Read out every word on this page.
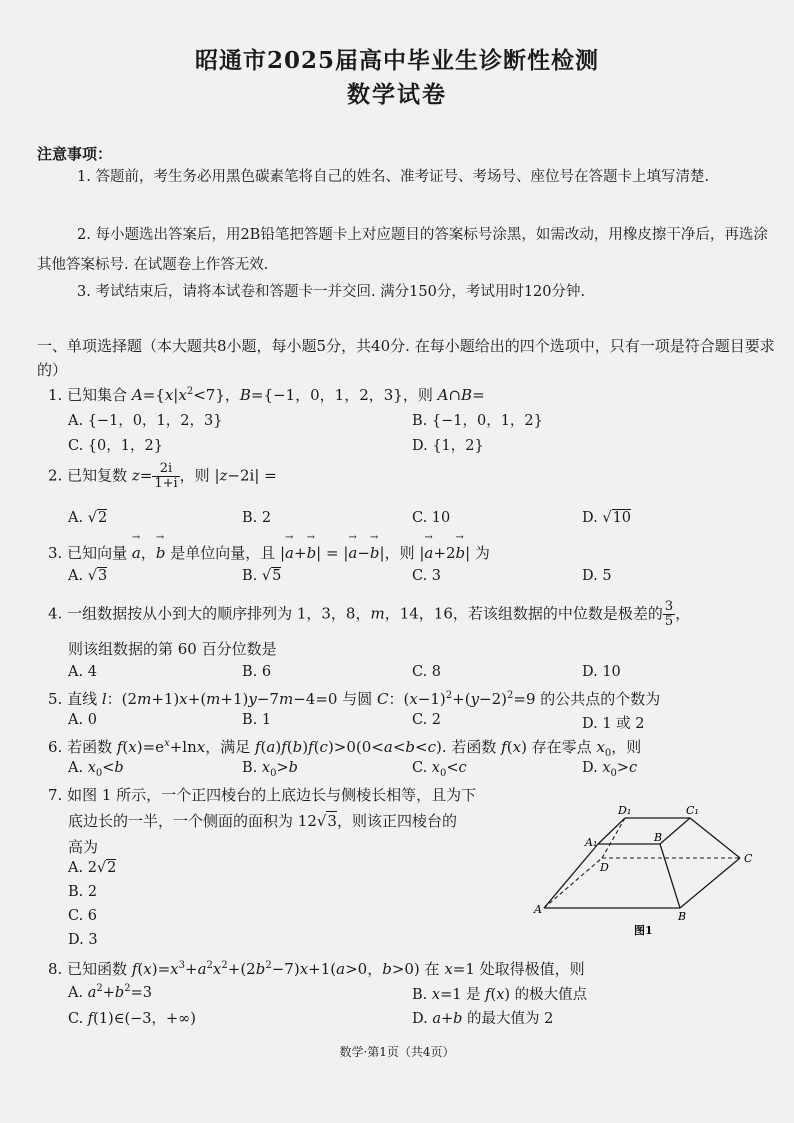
昭通市2025届高中毕业生诊断性检测
数学试卷
注意事项：
1. 答题前，考生务必用黑色碳素笔将自己的姓名、准考证号、考场号、座位号在答题卡上填写清楚.
2. 每小题选出答案后，用2B铅笔把答题卡上对应题目的答案标号涂黑，如需改动，用橡皮擦干净后，再选涂其他答案标号. 在试题卷上作答无效.
3. 考试结束后，请将本试卷和答题卡一并交回. 满分150分，考试用时120分钟.
一、单项选择题（本大题共8小题，每小题5分，共40分. 在每小题给出的四个选项中，只有一项是符合题目要求的）
1. 已知集合 $A=\{x|x^2<7\}$，B={−1，0，1，2，3}，则 A∩B=
A. {−1，0，1，2，3}	B. {−1，0，1，2}
C. {0，1，2}	D. {1，2}
2. 已知复数 $z= \frac{2i}{1+i}$ ，则 |z−2i| =
A. √2	B. 2	C. 10	D. √10
3. 已知向量 → a，→ b 是单位向量，且 |→ a+→ b| = |→ a−→ b|，则 |→ a+2→ b| 为
A. √3	B. √5	C. 3	D. 5
4. 一组数据按从小到大的顺序排列为 1，3，8，m，14，16，若该组数据的中位数是极差的 $\frac{3}{5}$ ，
则该组数据的第 60 百分位数是
A. 4	B. 6	C. 8	D. 10
5. 直线 l：(2m+1)x+(m+1)y−7m−4=0 与圆 C：$(x-1)^2+(y-2)^2=9$ 的公共点的个数为
A. 0	B. 1	C. 2	D. 1 或 2
6. 若函数 $f(x)=e^x+\ln x$，满足 f(a)f(b)f(c)>0(0<a<b<c). 若函数 f(x) 存在零点 $x_0$，则
A. $x_0<b$	B. $x_0>b$	C. $x_0<c$	D. $x_0>c$
7. 如图 1 所示，一个正四棱台的上底边长与侧棱长相等，且为下
底边长的一半，一个侧面的面积为 12√3，则该正四棱台的
高为
A. 2√2
B. 2
C. 6
D. 3
D₁	C₁
A₁	B
D
C
A
B
图1
8. 已知函数 $f(x)=x^3+a^2x^2+(2b^2-7)x+1(a>0$，b>0) 在 x=1 处取得极值，则
A. $a^2+b^2=3$	B. x=1 是 f(x) 的极大值点
C. f(1)∈(−3，+∞)	D. a+b 的最大值为 2
数学·第1页（共4页）
